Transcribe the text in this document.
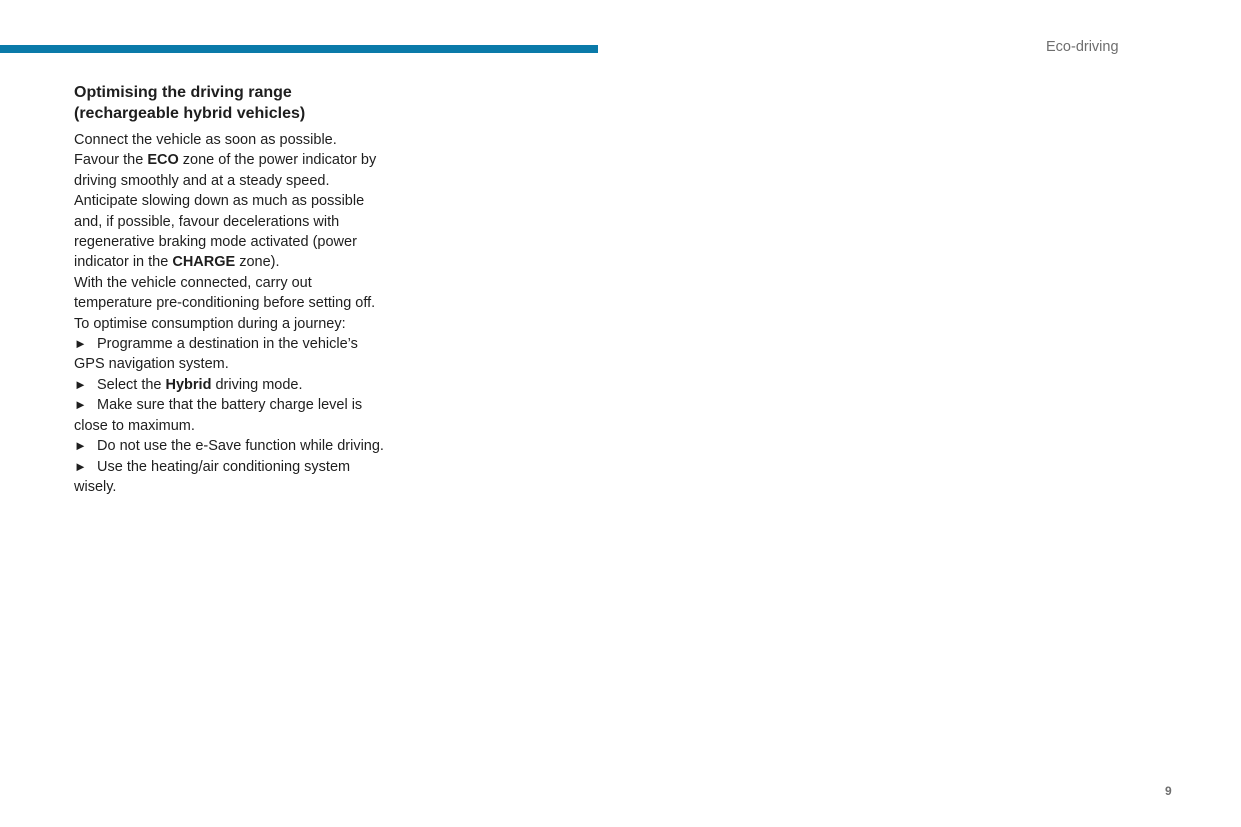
Eco-driving
Optimising the driving range
(rechargeable hybrid vehicles)
Connect the vehicle as soon as possible.
Favour the ECO zone of the power indicator by
driving smoothly and at a steady speed.
Anticipate slowing down as much as possible
and, if possible, favour decelerations with
regenerative braking mode activated (power
indicator in the CHARGE zone).
With the vehicle connected, carry out
temperature pre-conditioning before setting off.
To optimise consumption during a journey:
► Programme a destination in the vehicle’s
GPS navigation system.
► Select the Hybrid driving mode.
► Make sure that the battery charge level is
close to maximum.
► Do not use the e-Save function while driving.
► Use the heating/air conditioning system
wisely.
9
